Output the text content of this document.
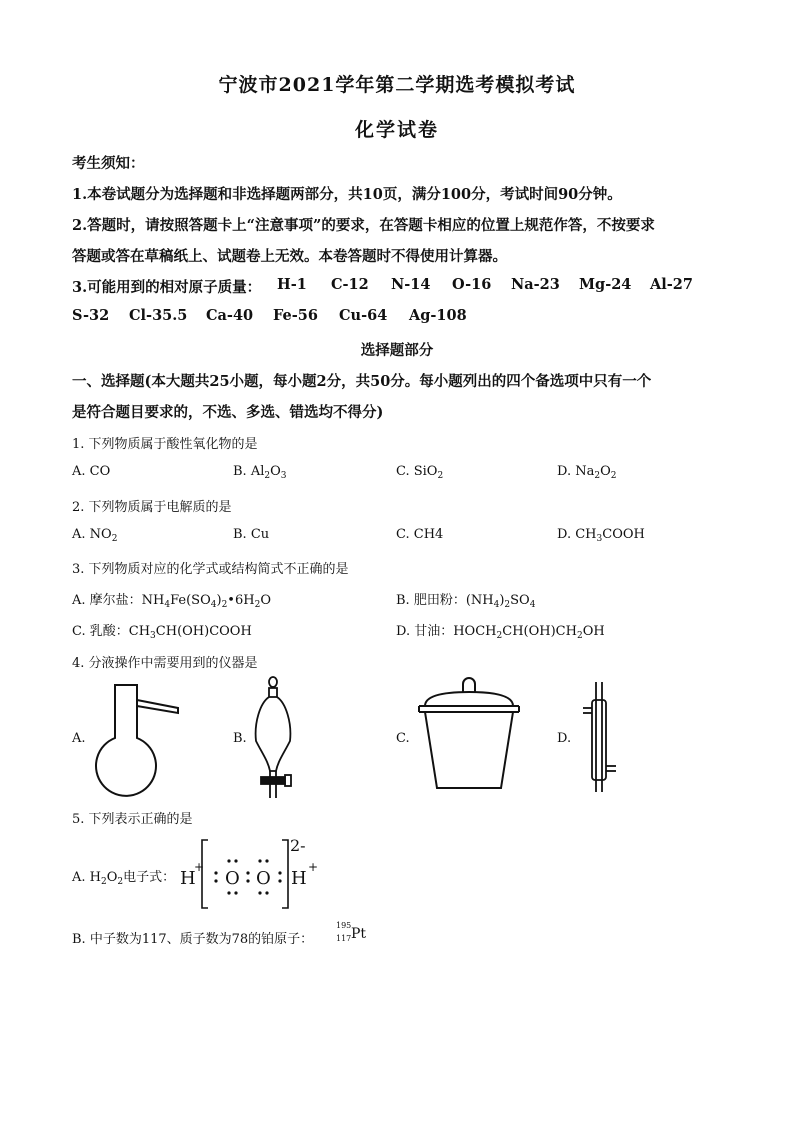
宁波市2021学年第二学期选考模拟考试
化学试卷
考生须知：
1.本卷试题分为选择题和非选择题两部分，共10页，满分100分，考试时间90分钟。
2.答题时，请按照答题卡上“注意事项”的要求，在答题卡相应的位置上规范作答，不按要求
答题或答在草稿纸上、试题卷上无效。本卷答题时不得使用计算器。
3.可能用到的相对原子质量： H-1 C-12 N-14 O-16 Na-23 Mg-24 Al-27
S-32 Cl-35.5 Ca-40 Fe-56 Cu-64 Ag-108
选择题部分
一、选择题(本大题共25小题，每小题2分，共50分。每小题列出的四个备选项中只有一个
是符合题目要求的，不选、多选、错选均不得分)
1. 下列物质属于酸性氧化物的是
A. CO	B. $Al_2O_3$	C. SiO$_2$	D. $Na_2O_2$
2. 下列物质属于电解质的是
A. $NO_2$	B. Cu	C. CH4	D. $CH_3COOH$
3. 下列物质对应的化学式或结构简式不正确的是
A. 摩尔盐：$NH_4Fe(SO_4)_2•6H_2O$	B. 肥田粉：$(NH_4)_2SO_4$
C. 乳酸：$CH_3CH(OH)COOH$	D. 甘油：$HOCH_2CH(OH)CH_2OH$
4. 分液操作中需要用到的仪器是
A.	B.	C.	D.
5. 下列表示正确的是
A. $H_2O_2$电子式： H
+
O O
2-
H
+
B. 中子数为117、质子数为78的铂原子：
195
117 Pt
